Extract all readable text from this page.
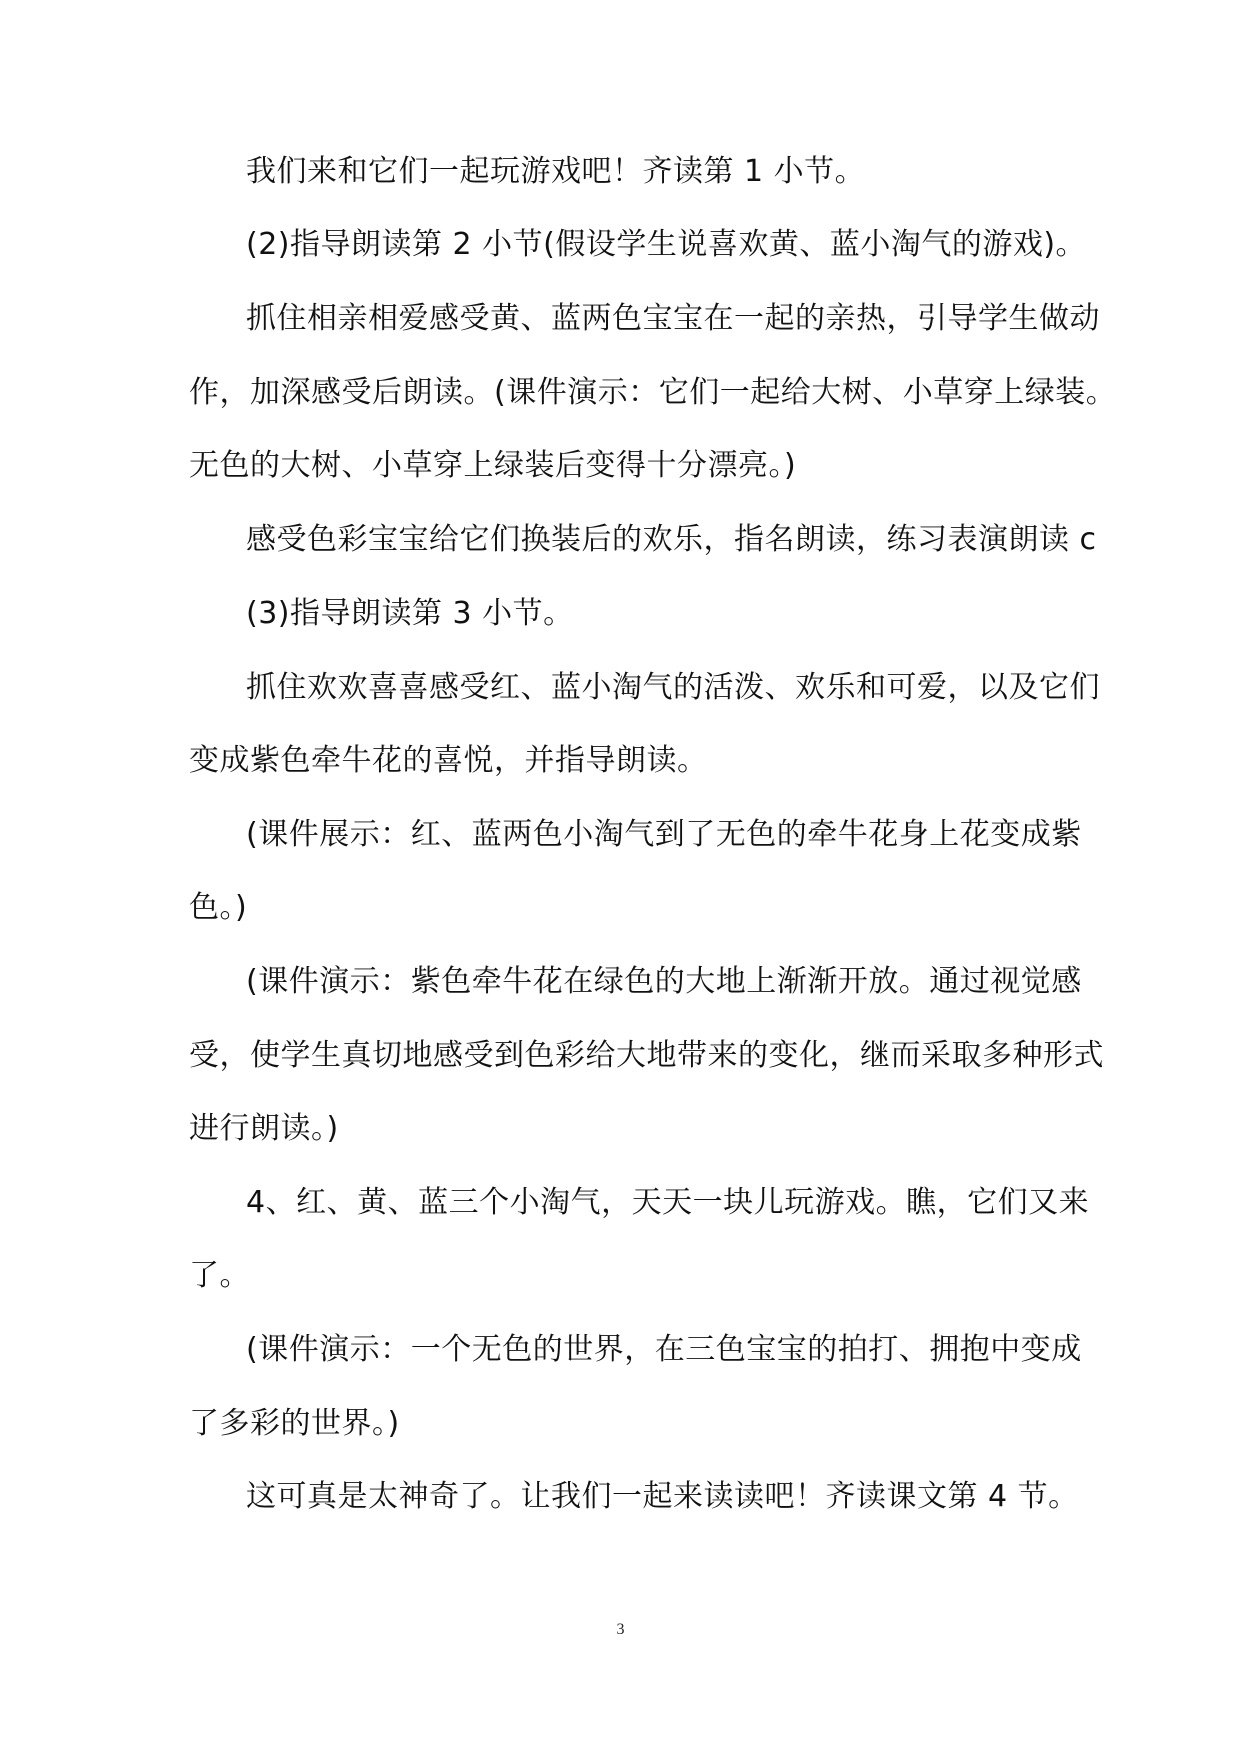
我们来和它们一起玩游戏吧！齐读第 1 小节。

(2)指导朗读第 2 小节(假设学生说喜欢黄、蓝小淘气的游戏)。

抓住相亲相爱感受黄、蓝两色宝宝在一起的亲热，引导学生做动

作，加深感受后朗读。(课件演示：它们一起给大树、小草穿上绿装。

无色的大树、小草穿上绿装后变得十分漂亮。)

感受色彩宝宝给它们换装后的欢乐，指名朗读，练习表演朗读 c

(3)指导朗读第 3 小节。

抓住欢欢喜喜感受红、蓝小淘气的活泼、欢乐和可爱，以及它们

变成紫色牵牛花的喜悦，并指导朗读。

(课件展示：红、蓝两色小淘气到了无色的牵牛花身上花变成紫

色。)

(课件演示：紫色牵牛花在绿色的大地上渐渐开放。通过视觉感

受，使学生真切地感受到色彩给大地带来的变化，继而采取多种形式

进行朗读。)

4、红、黄、蓝三个小淘气，天天一块儿玩游戏。瞧，它们又来

了。

(课件演示：一个无色的世界，在三色宝宝的拍打、拥抱中变成

了多彩的世界。)

这可真是太神奇了。让我们一起来读读吧！齐读课文第 4 节。

3
